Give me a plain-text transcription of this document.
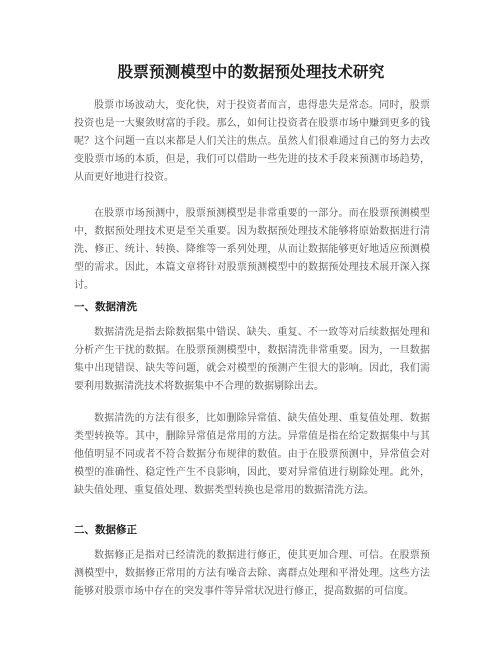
股票预测模型中的数据预处理技术研究

股票市场波动大，变化快，对于投资者而言，患得患失是常态。同时，股票投资也是一大聚敛财富的手段。那么，如何让投资者在股票市场中赚到更多的钱呢？这个问题一直以来都是人们关注的焦点。虽然人们很难通过自己的努力去改变股票市场的本质，但是，我们可以借助一些先进的技术手段来预测市场趋势，从而更好地进行投资。

在股票市场预测中，股票预测模型是非常重要的一部分。而在股票预测模型中，数据预处理技术更是至关重要。因为数据预处理技术能够将原始数据进行清洗、修正、统计、转换、降维等一系列处理，从而让数据能够更好地适应预测模型的需求。因此，本篇文章将针对股票预测模型中的数据预处理技术展开深入探讨。

一、数据清洗

数据清洗是指去除数据集中错误、缺失、重复、不一致等对后续数据处理和分析产生干扰的数据。在股票预测模型中，数据清洗非常重要。因为，一旦数据集中出现错误、缺失等问题，就会对模型的预测产生很大的影响。因此，我们需要利用数据清洗技术将数据集中不合理的数据剔除出去。

数据清洗的方法有很多，比如删除异常值、缺失值处理、重复值处理、数据类型转换等。其中，删除异常值是常用的方法。异常值是指在给定数据集中与其他值明显不同或者不符合数据分布规律的数值。由于在股票预测中，异常值会对模型的准确性、稳定性产生不良影响，因此，要对异常值进行剔除处理。此外，缺失值处理、重复值处理、数据类型转换也是常用的数据清洗方法。

二、数据修正

数据修正是指对已经清洗的数据进行修正，使其更加合理、可信。在股票预测模型中，数据修正常用的方法有噪音去除、离群点处理和平滑处理。这些方法能够对股票市场中存在的突发事件等异常状况进行修正，提高数据的可信度。
